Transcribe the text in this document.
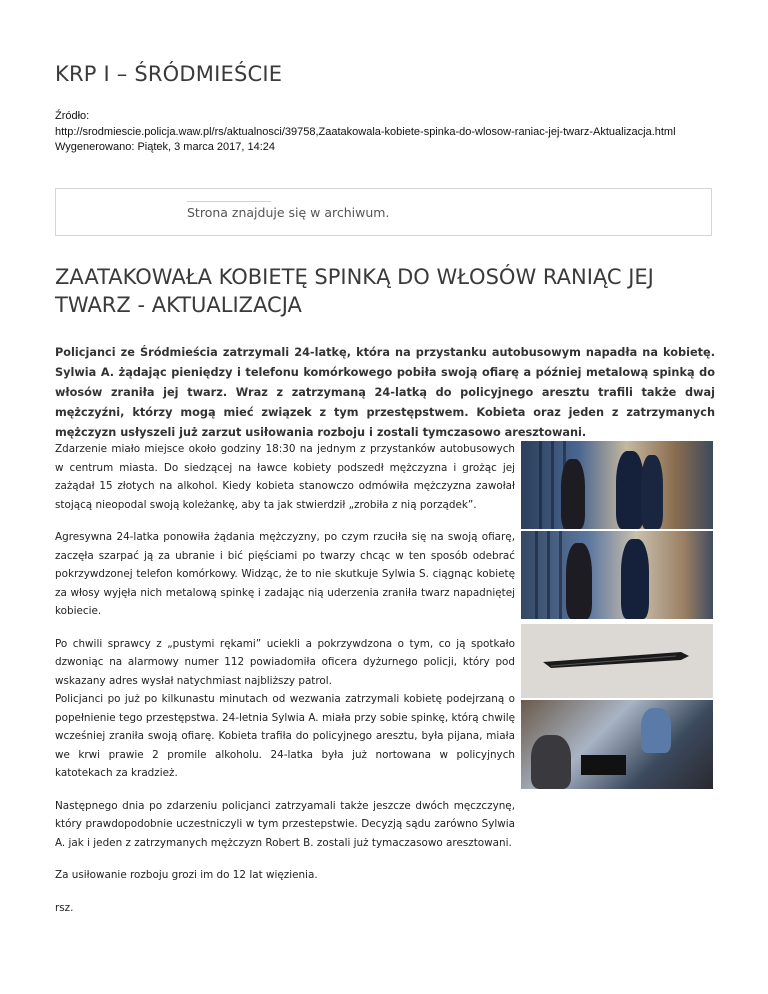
KRP I – ŚRÓDMIEŚCIE
Źródło:
http://srodmiescie.policja.waw.pl/rs/aktualnosci/39758,Zaatakowala-kobiete-spinka-do-wlosow-raniac-jej-twarz-Aktualizacja.html
Wygenerowano: Piątek, 3 marca 2017, 14:24
Strona znajduje się w archiwum.
ZAATAKOWAŁA KOBIETĘ SPINKĄ DO WŁOSÓW RANIĄC JEJ TWARZ - AKTUALIZACJA

Policjanci ze Śródmieścia zatrzymali 24-latkę, która na przystanku autobusowym napadła na kobietę. Sylwia A. żądając pieniędzy i telefonu komórkowego pobiła swoją ofiarę a później metalową spinką do włosów zraniła jej twarz. Wraz z zatrzymaną 24-latką do policyjnego aresztu trafili także dwaj mężczyźni, którzy mogą mieć związek z tym przestępstwem. Kobieta oraz jeden z zatrzymanych mężczyzn usłyszeli już zarzut usiłowania rozboju i zostali tymczasowo aresztowani.

Zdarzenie miało miejsce około godziny 18:30 na jednym z przystanków autobusowych w centrum miasta. Do siedzącej na ławce kobiety podszedł mężczyzna i grożąc jej zażądał 15 złotych na alkohol. Kiedy kobieta stanowczo odmówiła mężczyzna zawołał stojącą nieopodal swoją koleżankę, aby ta jak stwierdził „zrobiła z nią porządek”.

Agresywna 24-latka ponowiła żądania mężczyzny, po czym rzuciła się na swoją ofiarę, zaczęła szarpać ją za ubranie i bić pięściami po twarzy chcąc w ten sposób odebrać pokrzywdzonej telefon komórkowy. Widząc, że to nie skutkuje Sylwia S. ciągnąc kobietę za włosy wyjęła nich metalową spinkę i zadając nią uderzenia zraniła twarz napadniętej kobiecie.

Po chwili sprawcy z „pustymi rękami” uciekli a pokrzywdzona o tym, co ją spotkało dzwoniąc na alarmowy numer 112 powiadomiła oficera dyżurnego policji, który pod wskazany adres wysłał natychmiast najbliższy patrol.

Policjanci po już po kilkunastu minutach od wezwania zatrzymali kobietę podejrzaną o popełnienie tego przestępstwa. 24-letnia Sylwia A. miała przy sobie spinkę, którą chwilę wcześniej zraniła swoją ofiarę. Kobieta trafiła do policyjnego aresztu, była pijana, miała we krwi prawie 2 promile alkoholu. 24-latka była już nortowana w policyjnych katotekach za kradzież.

Następnego dnia po zdarzeniu policjanci zatrzyamali także jeszcze dwóch męczczynę, który prawdopodobnie uczestniczyli w tym przestepstwie. Decyzją sądu zarówno Sylwia A. jak i jeden z zatrzymanych mężczyzn Robert B. zostali już tymaczasowo aresztowani.

Za usiłowanie rozboju grozi im do 12 lat więzienia.

rsz.
